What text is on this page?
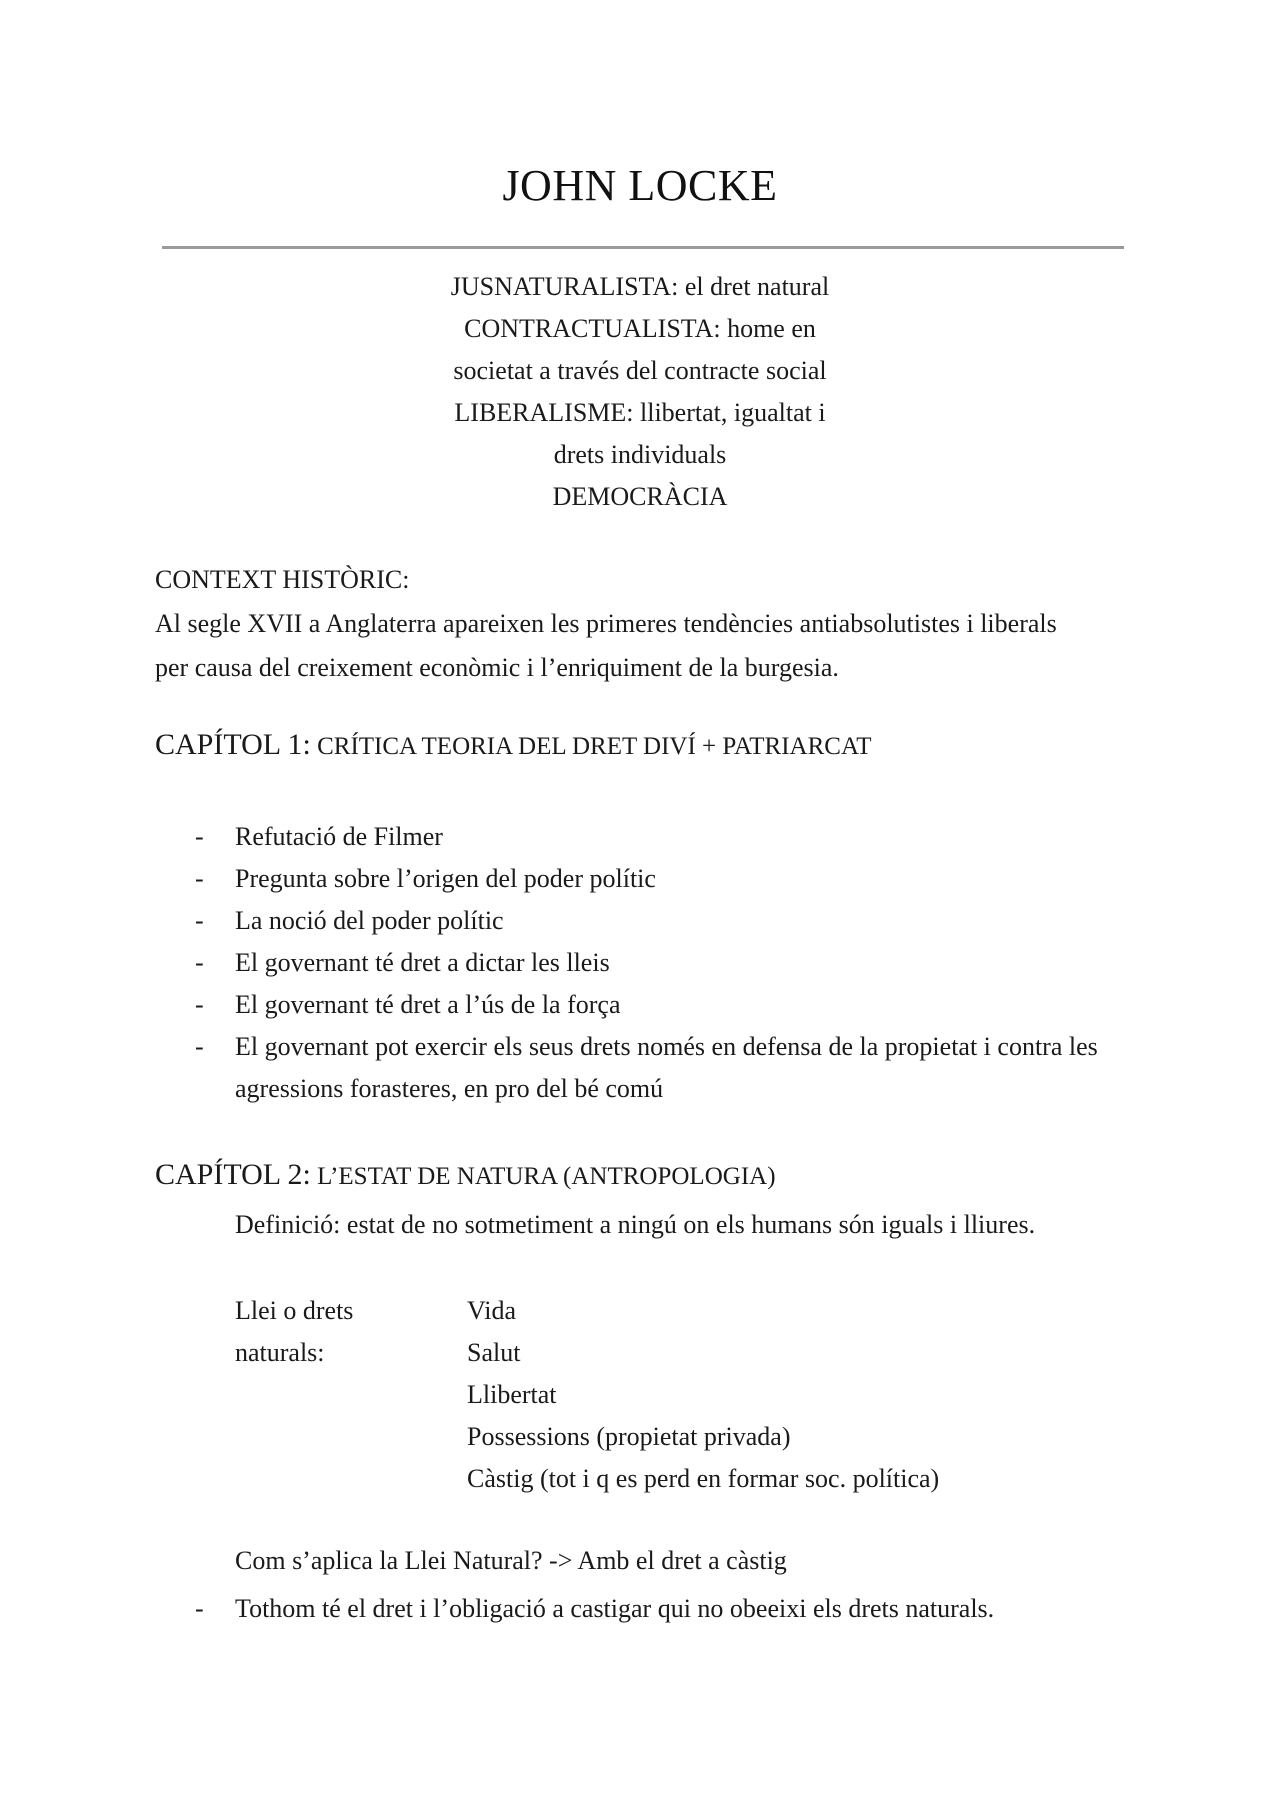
JOHN LOCKE
JUSNATURALISTA: el dret natural
CONTRACTUALISTA: home en
societat a través del contracte social
LIBERALISME: llibertat, igualtat i
drets individuals
DEMOCRÀCIA
CONTEXT HISTÒRIC:
Al segle XVII a Anglaterra apareixen les primeres tendències antiabsolutistes i liberals
per causa del creixement econòmic i l’enriquiment de la burgesia.
CAPÍTOL 1: CRÍTICA TEORIA DEL DRET DIVÍ + PATRIARCAT
- Refutació de Filmer
- Pregunta sobre l’origen del poder polític
- La noció del poder polític
- El governant té dret a dictar les lleis
- El governant té dret a l’ús de la força
- El governant pot exercir els seus drets només en defensa de la propietat i contra les
agressions forasteres, en pro del bé comú
CAPÍTOL 2: L’ESTAT DE NATURA (ANTROPOLOGIA)
Definició: estat de no sotmetiment a ningú on els humans són iguals i lliures.
Llei o drets
naturals:
Vida
Salut
Llibertat
Possessions (propietat privada)
Càstig (tot i q es perd en formar soc. política)
Com s’aplica la Llei Natural? -> Amb el dret a càstig
- Tothom té el dret i l’obligació a castigar qui no obeeixi els drets naturals.
